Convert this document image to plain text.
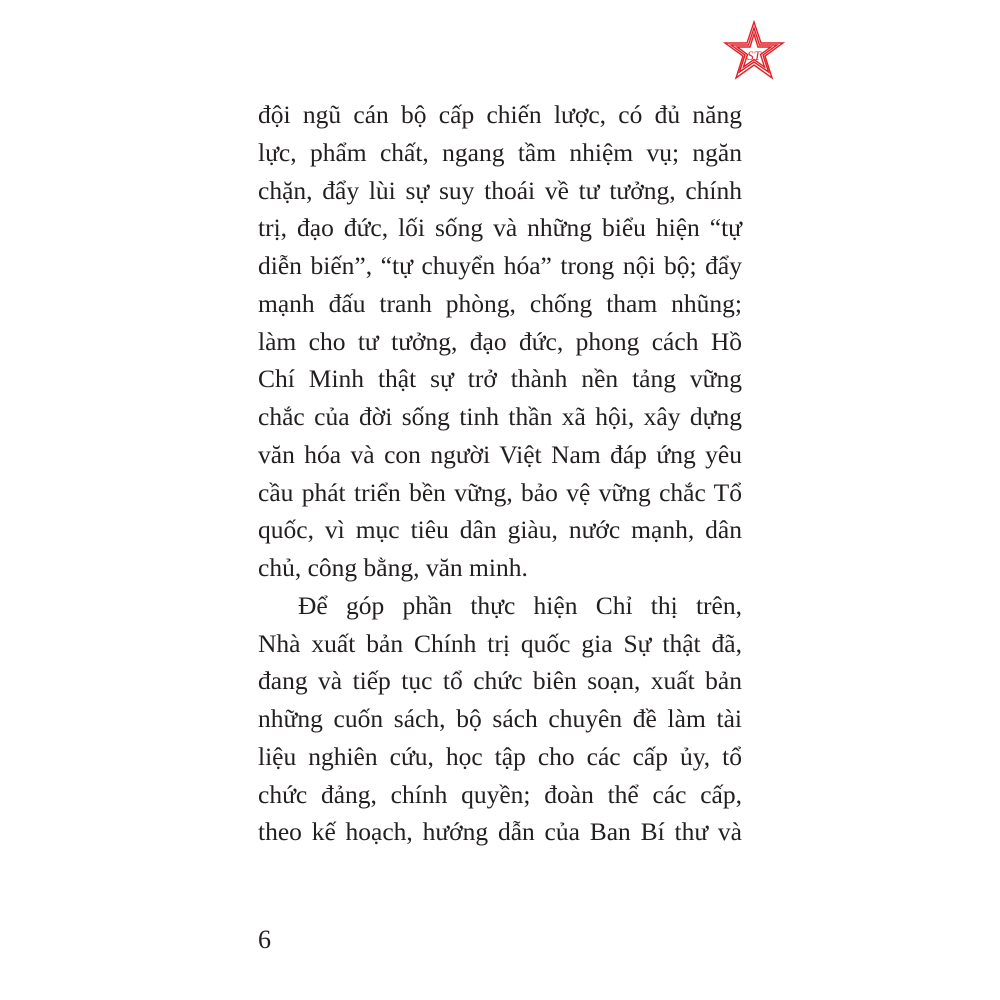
ST
đội ngũ cán bộ cấp chiến lược, có đủ năng
lực, phẩm chất, ngang tầm nhiệm vụ; ngăn
chặn, đẩy lùi sự suy thoái về tư tưởng, chính
trị, đạo đức, lối sống và những biểu hiện “tự
diễn biến”, “tự chuyển hóa” trong nội bộ; đẩy
mạnh đấu tranh phòng, chống tham nhũng;
làm cho tư tưởng, đạo đức, phong cách Hồ
Chí Minh thật sự trở thành nền tảng vững
chắc của đời sống tinh thần xã hội, xây dựng
văn hóa và con người Việt Nam đáp ứng yêu
cầu phát triển bền vững, bảo vệ vững chắc Tổ
quốc, vì mục tiêu dân giàu, nước mạnh, dân
chủ, công bằng, văn minh.
Để góp phần thực hiện Chỉ thị trên,
Nhà xuất bản Chính trị quốc gia Sự thật đã,
đang và tiếp tục tổ chức biên soạn, xuất bản
những cuốn sách, bộ sách chuyên đề làm tài
liệu nghiên cứu, học tập cho các cấp ủy, tổ
chức đảng, chính quyền; đoàn thể các cấp,
theo kế hoạch, hướng dẫn của Ban Bí thư và
6
